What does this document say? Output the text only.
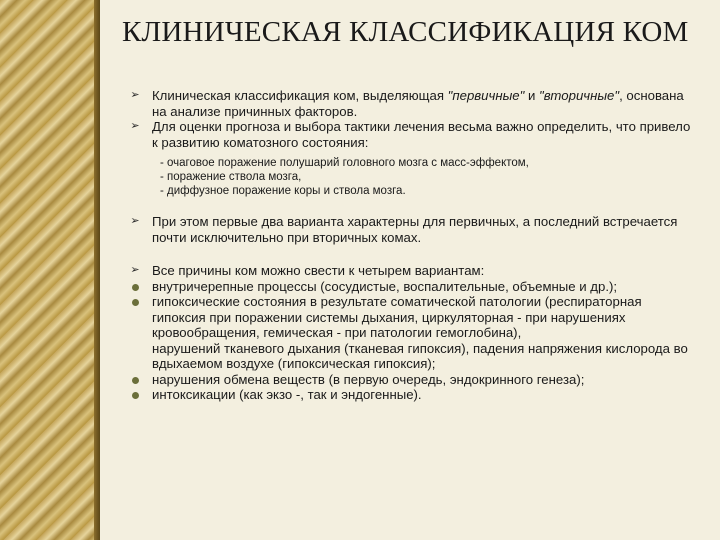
КЛИНИЧЕСКАЯ КЛАССИФИКАЦИЯ КОМ
➢ Клиническая классификация ком, выделяющая "первичные" и "вторичные", основана на анализе причинных факторов.
➢ Для оценки прогноза и выбора тактики лечения весьма важно определить, что привело к развитию коматозного состояния:
- очаговое поражение полушарий головного мозга с масс-эффектом,
- поражение ствола мозга,
- диффузное поражение коры и ствола мозга.
➢ При этом первые два варианта характерны для первичных, а последний встречается почти исключительно при вторичных комах.
➢ Все причины ком можно свести к четырем вариантам:
внутричерепные процессы (сосудистые, воспалительные, объемные и др.);
гипоксические состояния в результате соматической патологии (респираторная гипоксия при поражении системы дыхания, циркуляторная - при нарушениях кровообращения, гемическая - при патологии гемоглобина),
нарушений тканевого дыхания (тканевая гипоксия), падения напряжения кислорода во вдыхаемом воздухе (гипоксическая гипоксия);
нарушения обмена веществ (в первую очередь, эндокринного генеза);
интоксикации (как экзо -, так и эндогенные).
